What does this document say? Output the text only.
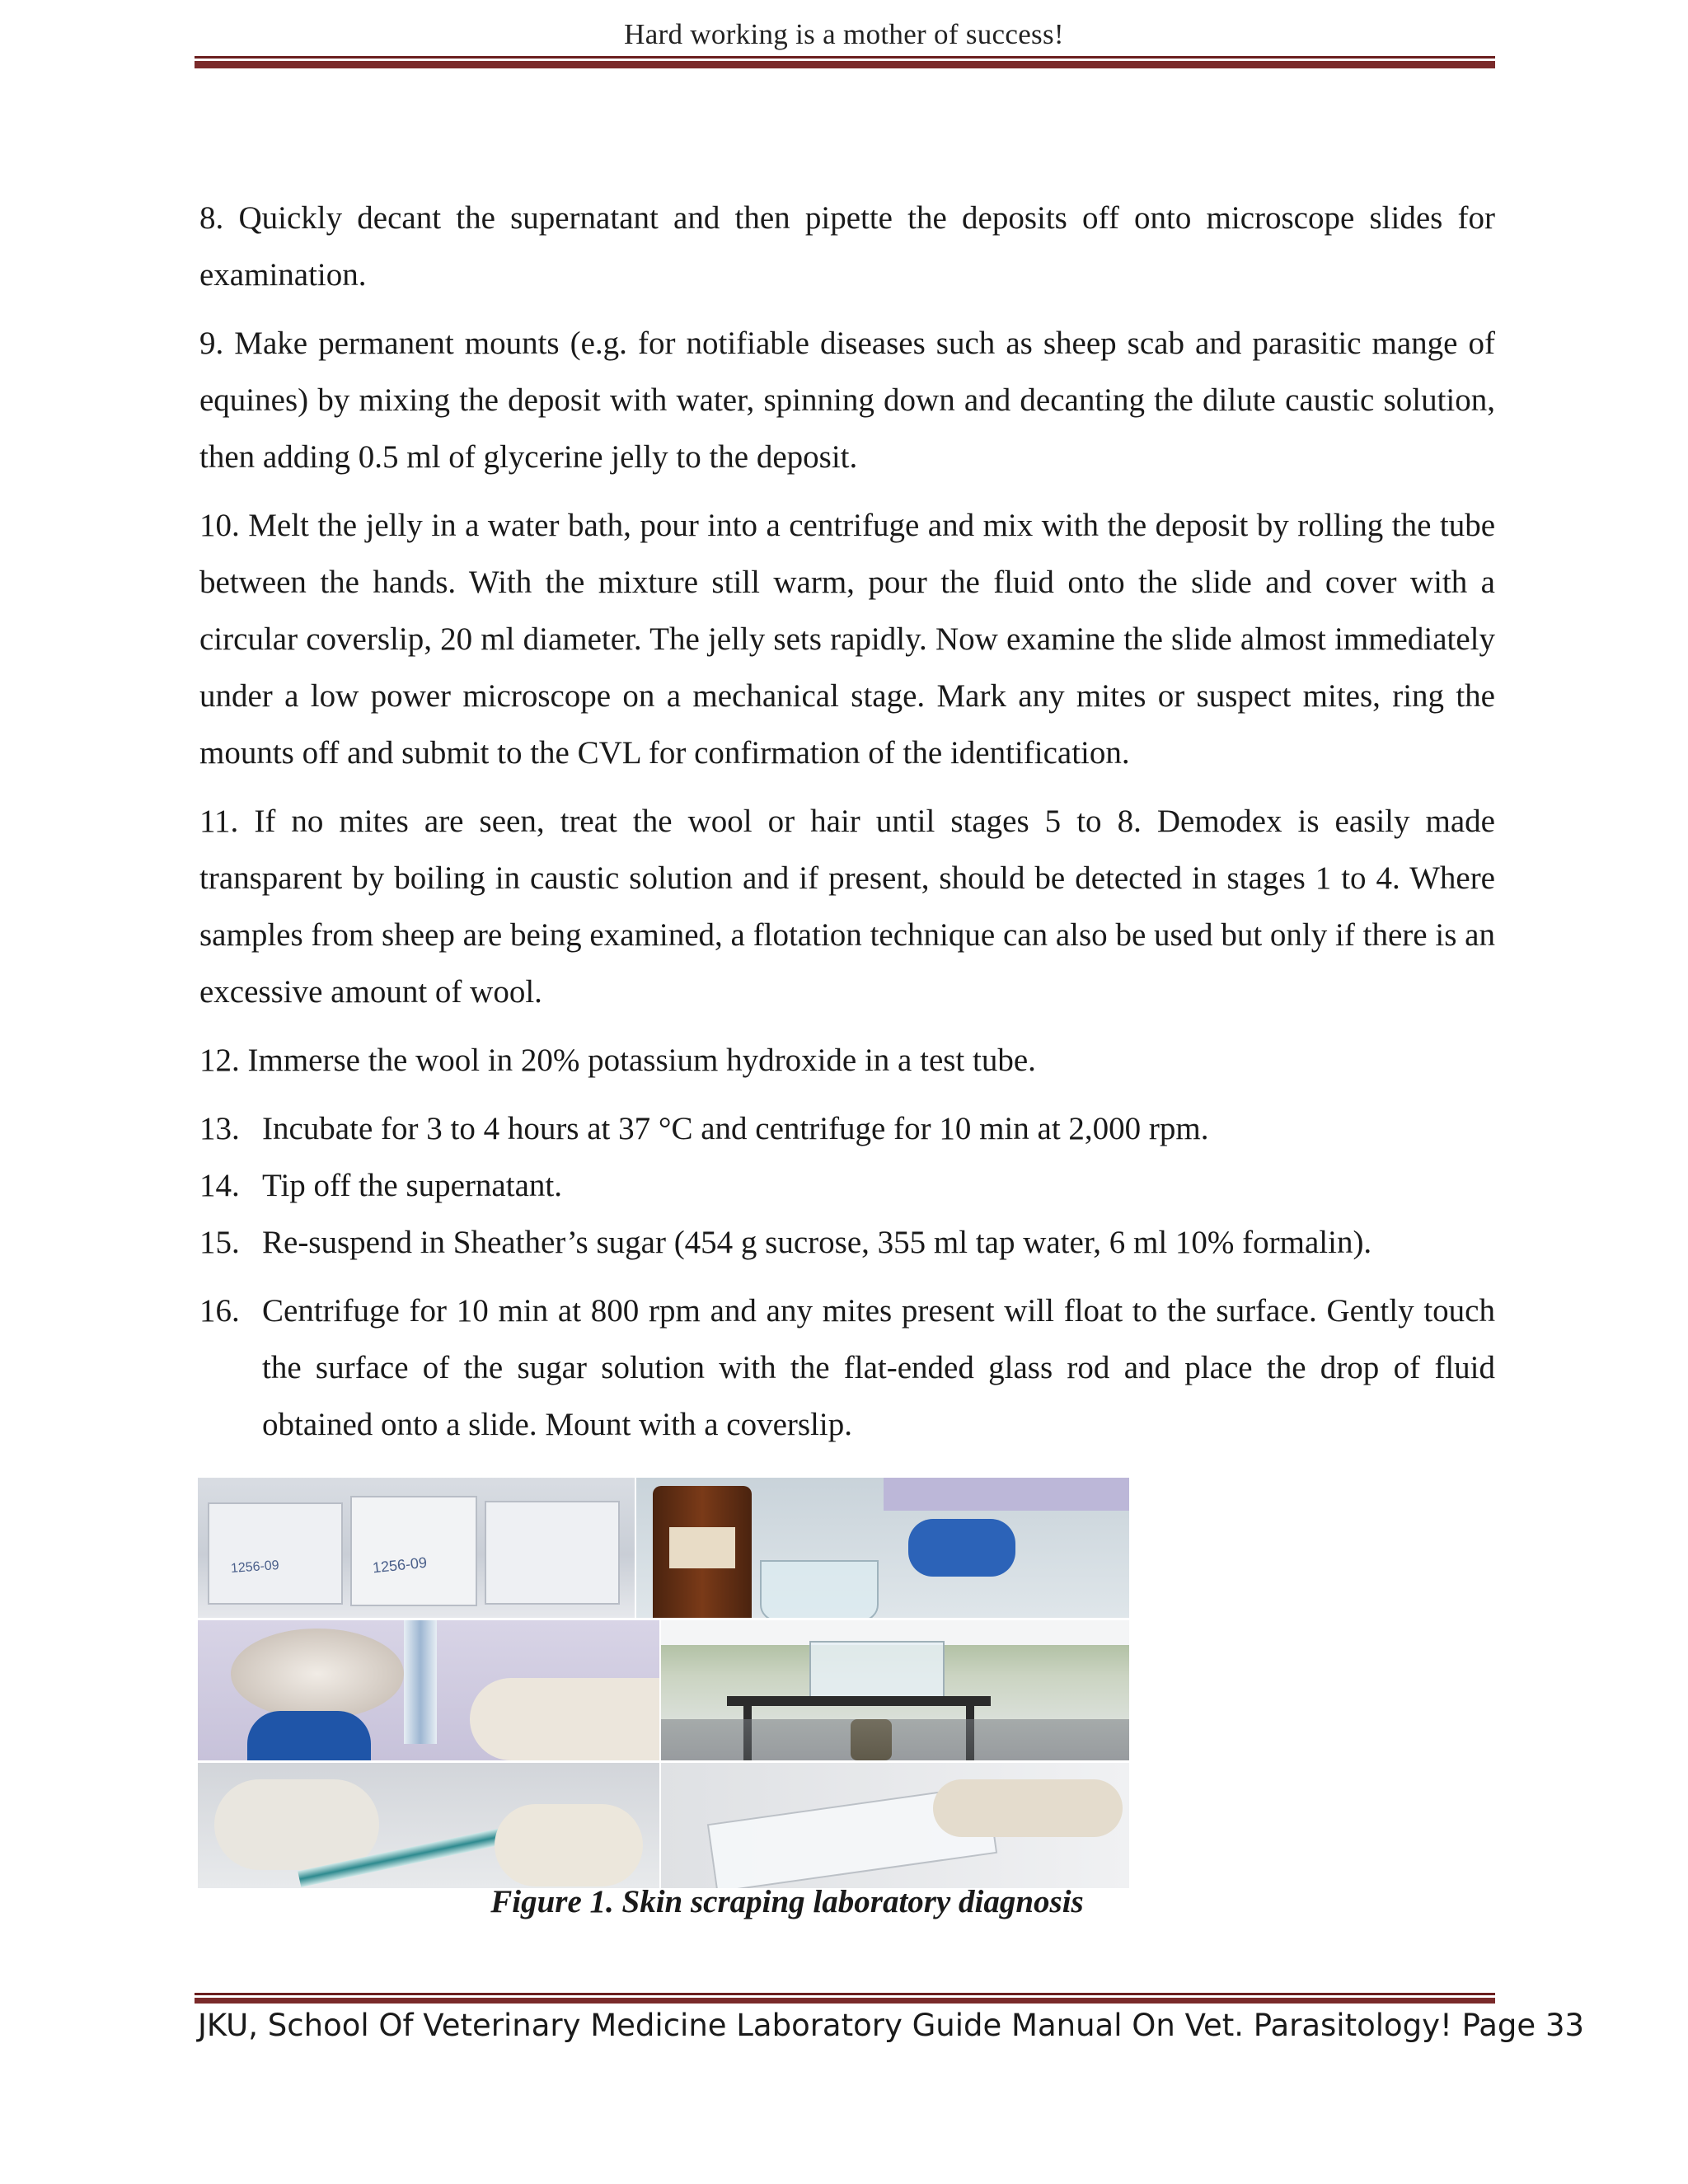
Hard working is a mother of success!

8. Quickly decant the supernatant and then pipette the deposits off onto microscope slides for examination.

9. Make permanent mounts (e.g. for notifiable diseases such as sheep scab and parasitic mange of equines) by mixing the deposit with water, spinning down and decanting the dilute caustic solution, then adding 0.5 ml of glycerine jelly to the deposit.

10. Melt the jelly in a water bath, pour into a centrifuge and mix with the deposit by rolling the tube between the hands. With the mixture still warm, pour the fluid onto the slide and cover with a circular coverslip, 20 ml diameter. The jelly sets rapidly. Now examine the slide almost immediately under a low power microscope on a mechanical stage. Mark any mites or suspect mites, ring the mounts off and submit to the CVL for confirmation of the identification.

11. If no mites are seen, treat the wool or hair until stages 5 to 8. Demodex is easily made transparent by boiling in caustic solution and if present, should be detected in stages 1 to 4. Where samples from sheep are being examined, a flotation technique can also be used but only if there is an excessive amount of wool.

12. Immerse the wool in 20% potassium hydroxide in a test tube.

13. Incubate for 3 to 4 hours at 37 °C and centrifuge for 10 min at 2,000 rpm.
14. Tip off the supernatant.
15. Re-suspend in Sheather’s sugar (454 g sucrose, 355 ml tap water, 6 ml 10% formalin).
16. Centrifuge for 10 min at 800 rpm and any mites present will float to the surface. Gently touch the surface of the sugar solution with the flat-ended glass rod and place the drop of fluid obtained onto a slide. Mount with a coverslip.
1256-09
1256-09
Figure 1. Skin scraping laboratory diagnosis
JKU, School Of Veterinary Medicine Laboratory Guide Manual On Vet. Parasitology! Page 33
